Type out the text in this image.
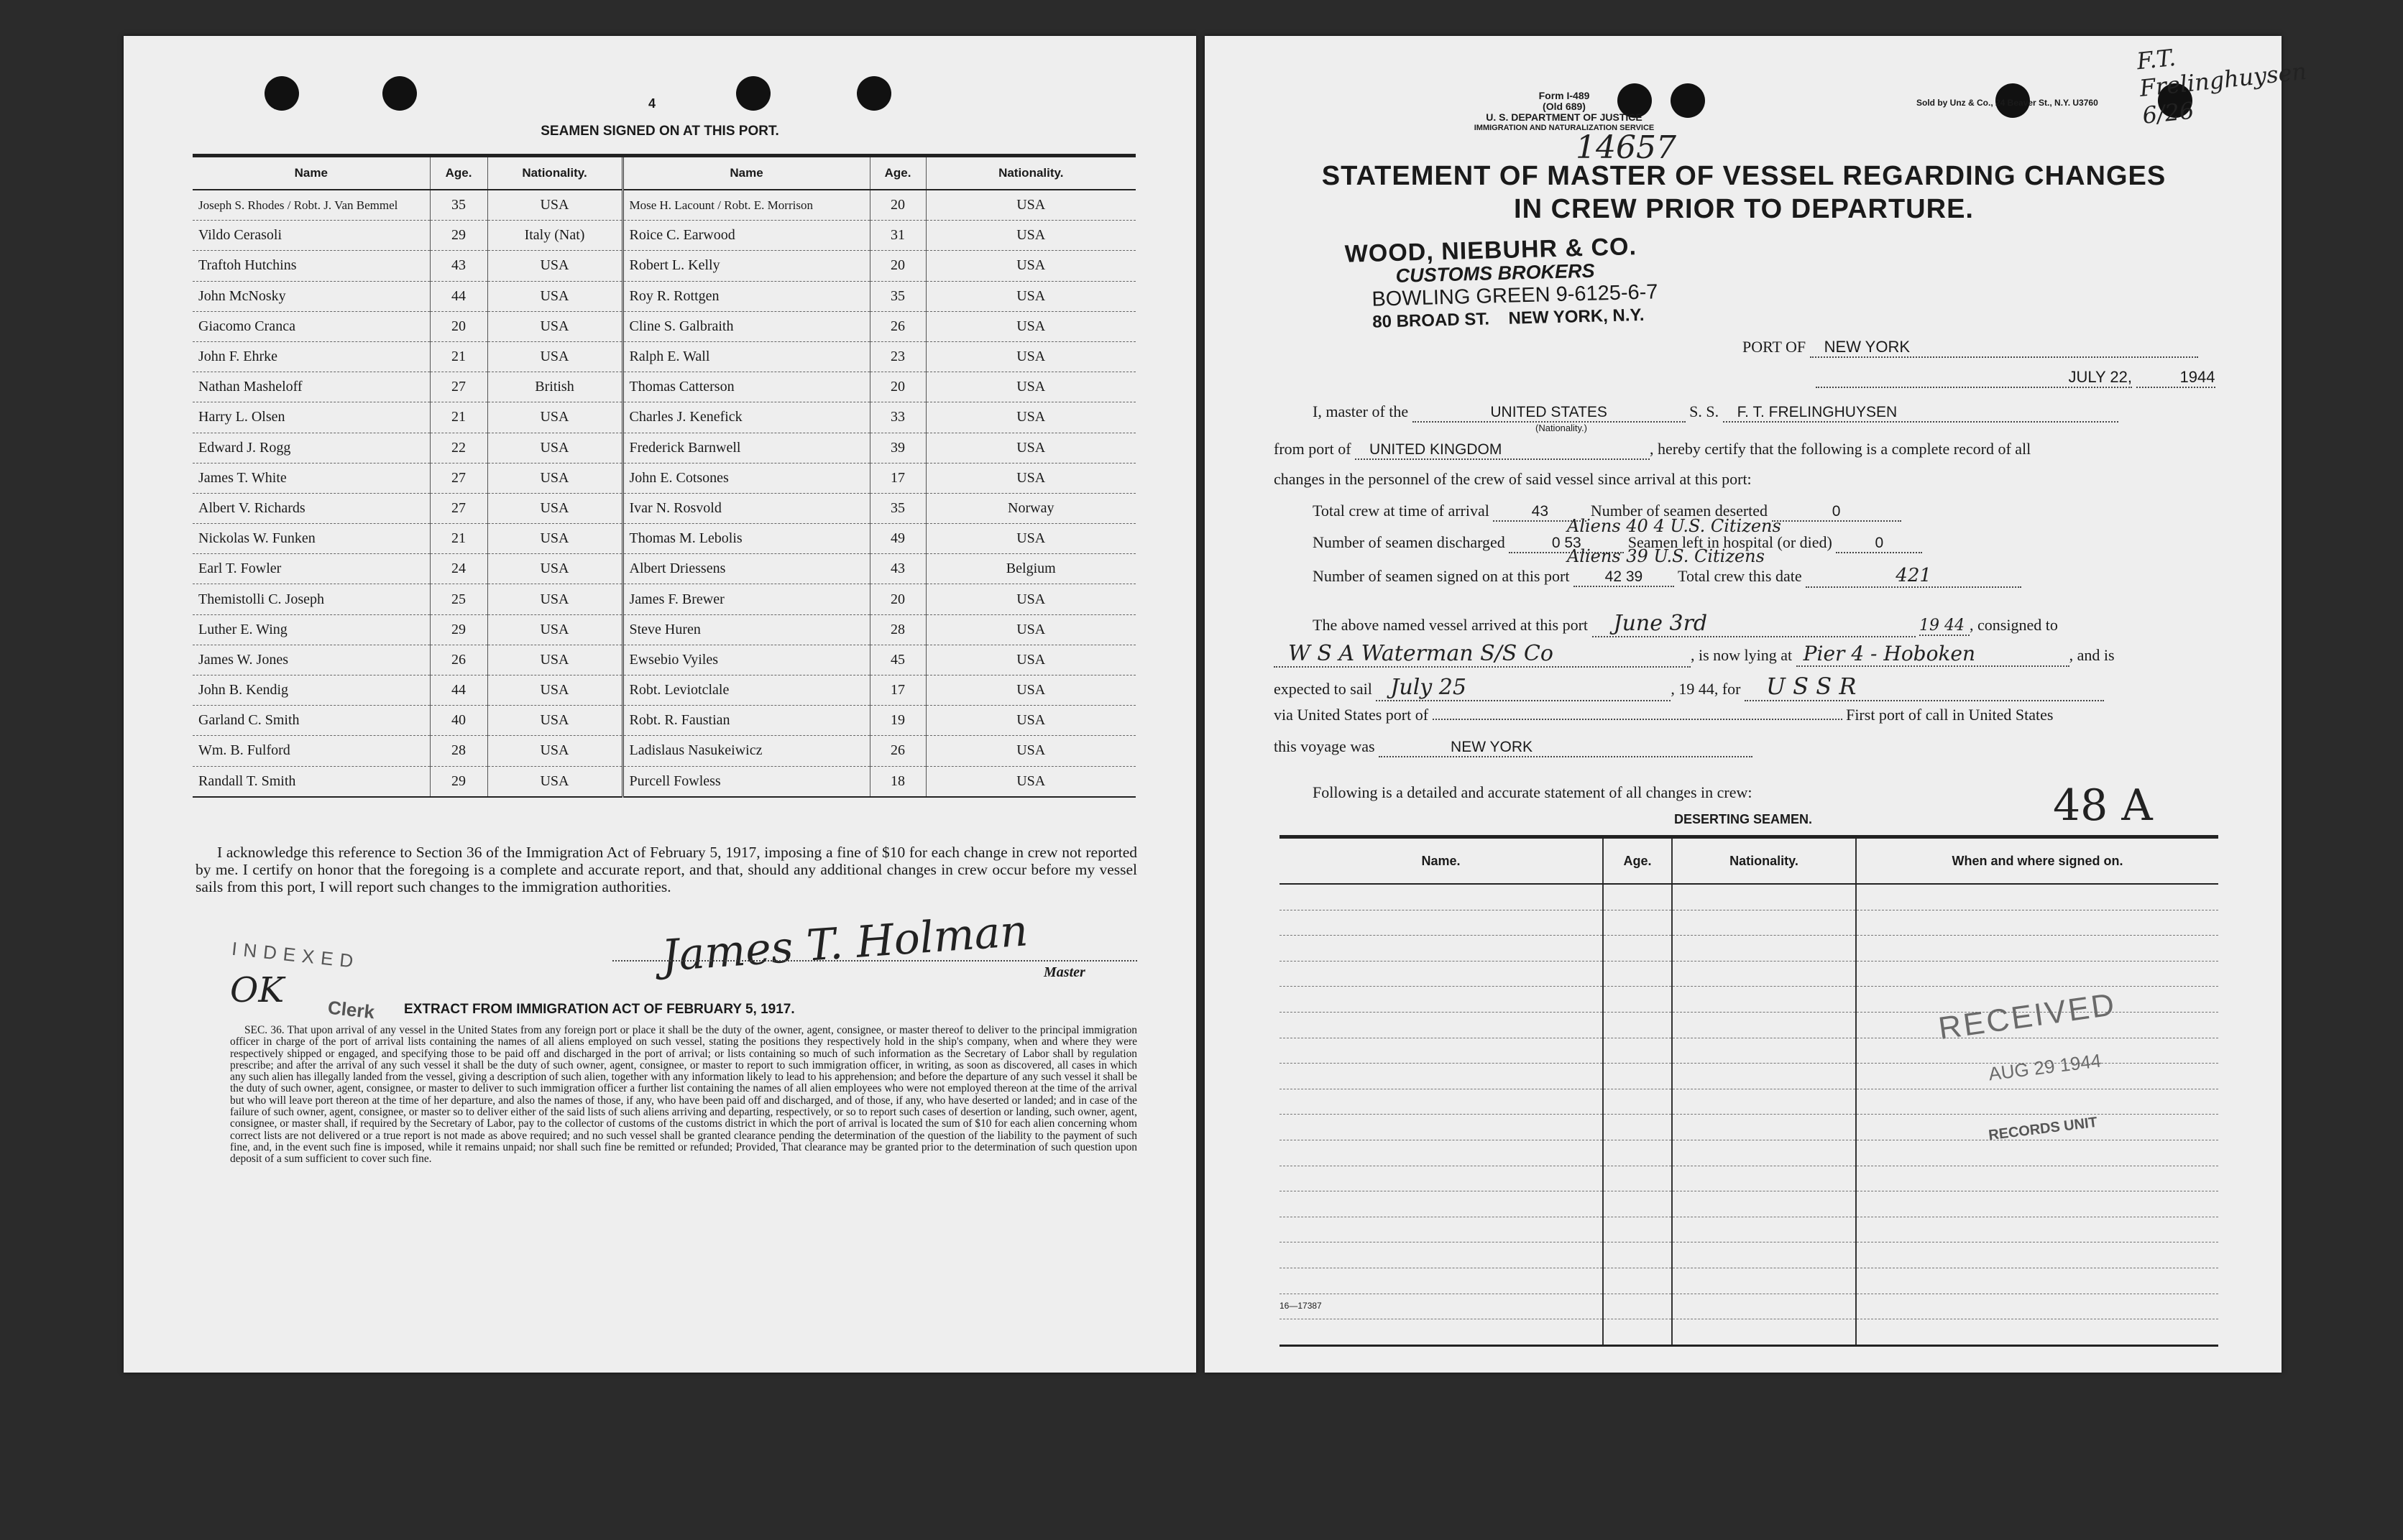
4
SEAMEN SIGNED ON AT THIS PORT.
Name	Age.	Nationality.	Name	Age.	Nationality.
Joseph S. Rhodes / Robt. J. Van Bemmel	35	USA	Mose H. Lacount / Robt. E. Morrison	20	USA
Vildo Cerasoli	29	Italy (Nat)	Roice C. Earwood	31	USA
Traftoh Hutchins	43	USA	Robert L. Kelly	20	USA
John McNosky	44	USA	Roy R. Rottgen	35	USA
Giacomo Cranca	20	USA	Cline S. Galbraith	26	USA
John F. Ehrke	21	USA	Ralph E. Wall	23	USA
Nathan Masheloff	27	British	Thomas Catterson	20	USA
Harry L. Olsen	21	USA	Charles J. Kenefick	33	USA
Edward J. Rogg	22	USA	Frederick Barnwell	39	USA
James T. White	27	USA	John E. Cotsones	17	USA
Albert V. Richards	27	USA	Ivar N. Rosvold	35	Norway
Nickolas W. Funken	21	USA	Thomas M. Lebolis	49	USA
Earl T. Fowler	24	USA	Albert Driessens	43	Belgium
Themistolli C. Joseph	25	USA	James F. Brewer	20	USA
Luther E. Wing	29	USA	Steve Huren	28	USA
James W. Jones	26	USA	Ewsebio Vyiles	45	USA
John B. Kendig	44	USA	Robt. Leviotclale	17	USA
Garland C. Smith	40	USA	Robt. R. Faustian	19	USA
Wm. B. Fulford	28	USA	Ladislaus Nasukeiwicz	26	USA
Randall T. Smith	29	USA	Purcell Fowless	18	USA
I acknowledge this reference to Section 36 of the Immigration Act of February 5, 1917, imposing a fine of $10 for each change in crew not reported by me. I certify on honor that the foregoing is a complete and accurate report, and that, should any additional changes in crew occur before my vessel sails from this port, I will report such changes to the immigration authorities.
James T. Holman Master
INDEXED
OK Clerk EXTRACT FROM IMMIGRATION ACT OF FEBRUARY 5, 1917.
SEC. 36. That upon arrival of any vessel in the United States from any foreign port or place it shall be the duty of the owner, agent, consignee, or master thereof to deliver to the principal immigration officer in charge of the port of arrival lists containing the names of all aliens employed on such vessel, stating the positions they respectively hold in the ship's company, when and where they were respectively shipped or engaged, and specifying those to be paid off and discharged in the port of arrival; or lists containing so much of such information as the Secretary of Labor shall by regulation prescribe; and after the arrival of any such vessel it shall be the duty of such owner, agent, consignee, or master to report to such immigration officer, in writing, as soon as discovered, all cases in which any such alien has illegally landed from the vessel, giving a description of such alien, together with any information likely to lead to his apprehension; and before the departure of any such vessel it shall be the duty of such owner, agent, consignee, or master to deliver to such immigration officer a further list containing the names of all alien employees who were not employed thereon at the time of the arrival but who will leave port thereon at the time of her departure, and also the names of those, if any, who have been paid off and discharged, and of those, if any, who have deserted or landed; and in case of the failure of such owner, agent, consignee, or master so to deliver either of the said lists of such aliens arriving and departing, respectively, or so to report such cases of desertion or landing, such owner, agent, consignee, or master shall, if required by the Secretary of Labor, pay to the collector of customs of the customs district in which the port of arrival is located the sum of $10 for each alien concerning whom correct lists are not delivered or a true report is not made as above required; and no such vessel shall be granted clearance pending the determination of the question of the liability to the payment of such fine, and, in the event such fine is imposed, while it remains unpaid; nor shall such fine be remitted or refunded; Provided, That clearance may be granted prior to the determination of such question upon deposit of a sum sufficient to cover such fine.
Form I-489
(Old 689)
U. S. DEPARTMENT OF JUSTICE
IMMIGRATION AND NATURALIZATION SERVICE
Sold by Unz & Co., 24 Beaver St., N.Y. U3760
F.T. Frelinghuysen 6/26
14657
STATEMENT OF MASTER OF VESSEL REGARDING CHANGES
IN CREW PRIOR TO DEPARTURE.
WOOD, NIEBUHR & CO.
CUSTOMS BROKERS
BOWLING GREEN 9-6125-6-7
80 BROAD ST.    NEW YORK, N.Y.
PORT OF NEW YORK
JULY 22,	1944
I, master of the	UNITED STATES	S. S. F. T. FRELINGHUYSEN
(Nationality.)
from port of UNITED KINGDOM	, hereby certify that the following is a complete record of all
changes in the personnel of the crew of said vessel since arrival at this port:
Total crew at time of arrival	43	Number of seamen deserted	0
Aliens 40 4 U.S. Citizens
Number of seamen discharged	0 53	Seamen left in hospital (or died)	0
Aliens 39 U.S. Citizens
Number of seamen signed on at this port 42 39 Total crew this date	421
The above named vessel arrived at this port June 3rd	19 44 , consigned to
W S A Waterman S/S Co	, is now lying at Pier 4 - Hoboken	, and is
expected to sail July 25	, 19 44, for U S S R
via United States port of	First port of call in United States
this voyage was	NEW YORK
Following is a detailed and accurate statement of all changes in crew:	48 A
DESERTING SEAMEN.
Name.	Age.	Nationality.	When and where signed on.

RECEIVED
AUG 29 1944
RECORDS UNIT
16—17387
